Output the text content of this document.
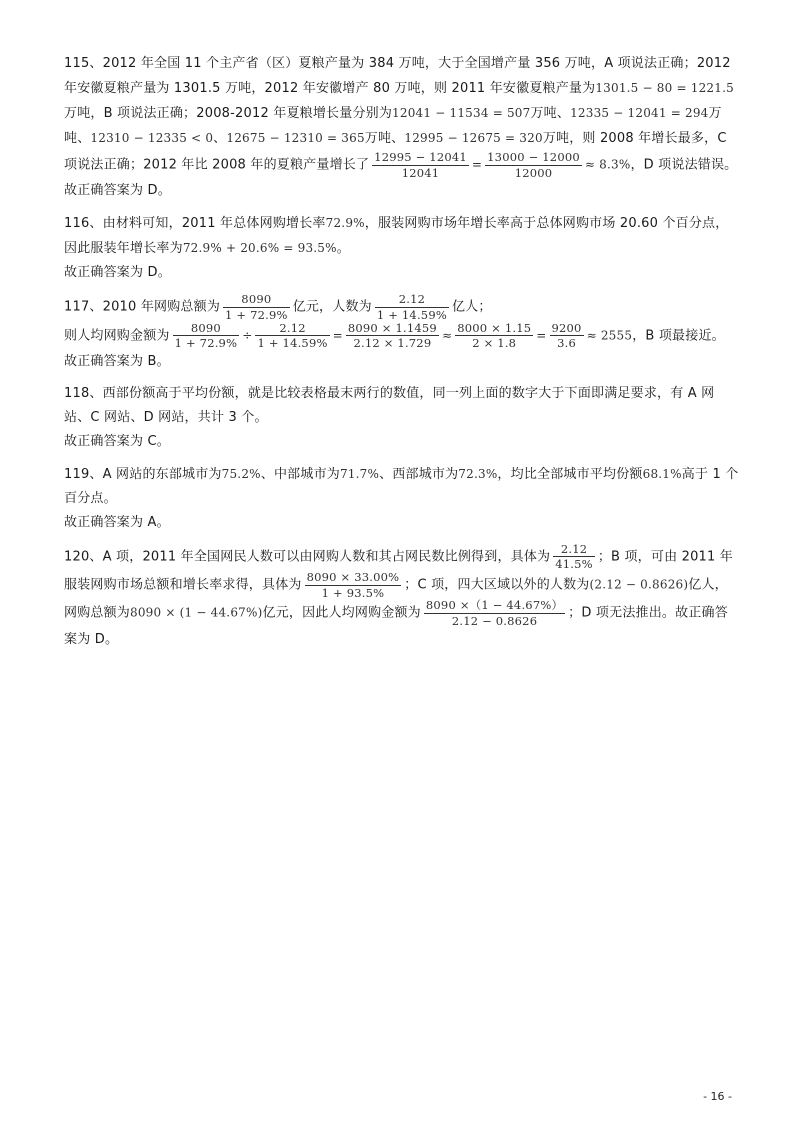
115、2012 年全国 11 个主产省（区）夏粮产量为 384 万吨，大于全国增产量 356 万吨，A 项说法正确；2012 年安徽夏粮产量为 1301.5 万吨，2012 年安徽增产 80 万吨，则 2011 年安徽夏粮产量为1301.5 − 80 = 1221.5万吨，B 项说法正确；2008-2012 年夏粮增长量分别为12041 − 11534 = 507万吨、12335 − 12041 = 294万吨、12310 − 12335 < 0、12675 − 12310 = 365万吨、12995 − 12675 = 320万吨，则 2008 年增长最多，C 项说法正确；2012 年比 2008 年的夏粮产量增长了 $\frac{12995 - 12041}{12041} = \frac{13000 - 12000}{12000} \approx 8.3\%$，D 项说法错误。

故正确答案为 D。

116、由材料可知，2011 年总体网购增长率72.9%，服装网购市场年增长率高于总体网购市场 20.60 个百分点，因此服装年增长率为72.9% + 20.6% = 93.5%。

故正确答案为 D。

117、2010 年网购总额为 $\frac{8090}{1 + 72.9\%}$ 亿元，人数为 $\frac{2.12}{1 + 14.59\%}$ 亿人；

则人均网购金额为 $\frac{8090}{1 + 72.9\%} \div \frac{2.12}{1 + 14.59\%} = \frac{8090 \times 1.1459}{2.12 \times 1.729} \approx \frac{8000 \times 1.15}{2 \times 1.8} = \frac{9200}{3.6} \approx 2555$，B 项最接近。

故正确答案为 B。

118、西部份额高于平均份额，就是比较表格最末两行的数值，同一列上面的数字大于下面即满足要求，有 A 网站、C 网站、D 网站，共计 3 个。

故正确答案为 C。

119、A 网站的东部城市为75.2%、中部城市为71.7%、西部城市为72.3%，均比全部城市平均份额68.1%高于 1 个百分点。

故正确答案为 A。

120、A 项，2011 年全国网民人数可以由网购人数和其占网民数比例得到，具体为 $\frac{2.12}{41.5\%}$ ；B 项，可由 2011 年服装网购市场总额和增长率求得，具体为 $\frac{8090 \times 33.00\%}{1 + 93.5\%}$ ；C 项，四大区域以外的人数为(2.12 − 0.8626)亿人，网购总额为8090 × (1 − 44.67%)亿元，因此人均网购金额为 $\frac{8090 \times(1 - 44.67\%)}{2.12 - 0.8626}$ ；D 项无法推出。故正确答案为 D。

- 16 -
